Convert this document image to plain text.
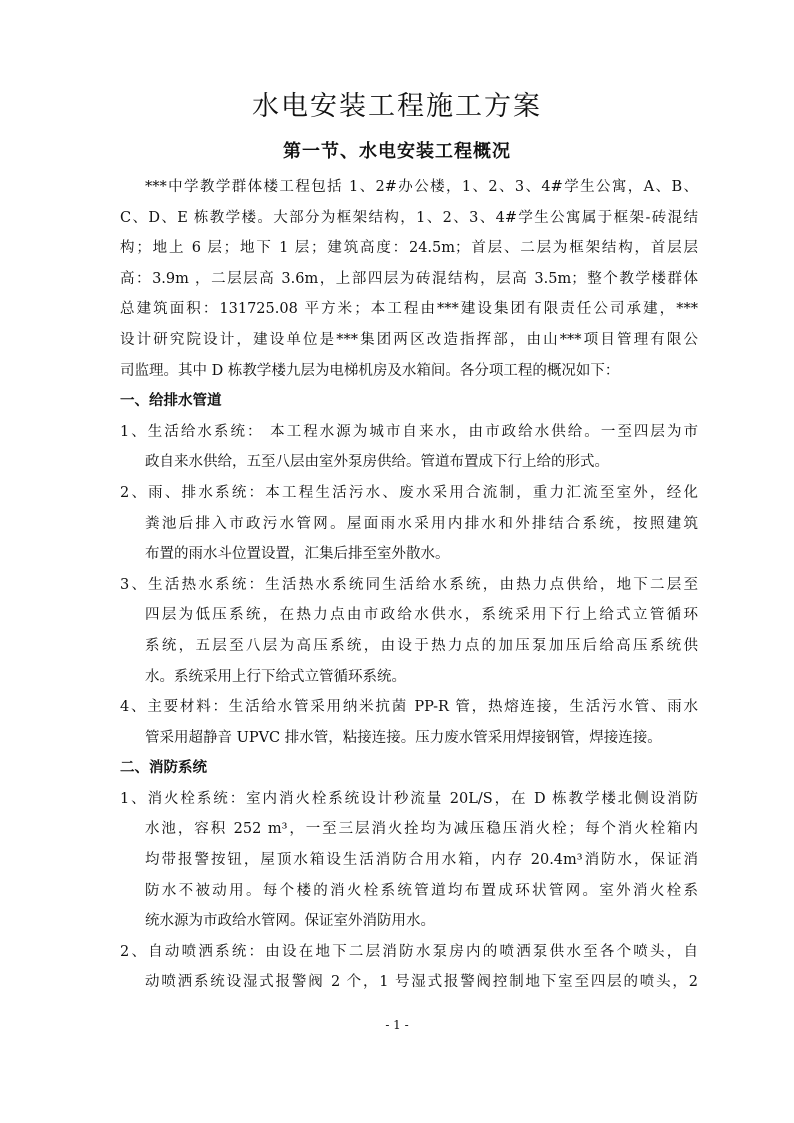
水电安装工程施工方案
第一节、水电安装工程概况
***中学教学群体楼工程包括 1、2#办公楼，1、2、3、4#学生公寓，A、B、
C、D、E 栋教学楼。大部分为框架结构，1、2、3、4#学生公寓属于框架-砖混结
构；地上 6 层；地下 1 层；建筑高度：24.5m；首层、二层为框架结构，首层层
高：3.9m ，二层层高 3.6m，上部四层为砖混结构，层高 3.5m；整个教学楼群体
总建筑面积：131725.08 平方米；本工程由***建设集团有限责任公司承建，***
设计研究院设计，建设单位是***集团两区改造指挥部，由山***项目管理有限公
司监理。其中 D 栋教学楼九层为电梯机房及水箱间。各分项工程的概况如下：
一、给排水管道
1、生活给水系统： 本工程水源为城市自来水，由市政给水供给。一至四层为市
政自来水供给，五至八层由室外泵房供给。管道布置成下行上给的形式。
2、雨、排水系统：本工程生活污水、废水采用合流制，重力汇流至室外，经化
粪池后排入市政污水管网。屋面雨水采用内排水和外排结合系统，按照建筑
布置的雨水斗位置设置，汇集后排至室外散水。
3、生活热水系统：生活热水系统同生活给水系统，由热力点供给，地下二层至
四层为低压系统，在热力点由市政给水供水，系统采用下行上给式立管循环
系统，五层至八层为高压系统，由设于热力点的加压泵加压后给高压系统供
水。系统采用上行下给式立管循环系统。
4、主要材料：生活给水管采用纳米抗菌 PP-R 管，热熔连接，生活污水管、雨水
管采用超静音 UPVC 排水管，粘接连接。压力废水管采用焊接钢管，焊接连接。
二、消防系统
1、消火栓系统：室内消火栓系统设计秒流量 20L/S，在 D 栋教学楼北侧设消防
水池，容积 252 m³，一至三层消火拴均为减压稳压消火栓；每个消火栓箱内
均带报警按钮，屋顶水箱设生活消防合用水箱，内存 20.4m³消防水，保证消
防水不被动用。每个楼的消火栓系统管道均布置成环状管网。室外消火栓系
统水源为市政给水管网。保证室外消防用水。
2、自动喷洒系统：由设在地下二层消防水泵房内的喷洒泵供水至各个喷头，自
动喷洒系统设湿式报警阀 2 个，1 号湿式报警阀控制地下室至四层的喷头，2
- 1 -
